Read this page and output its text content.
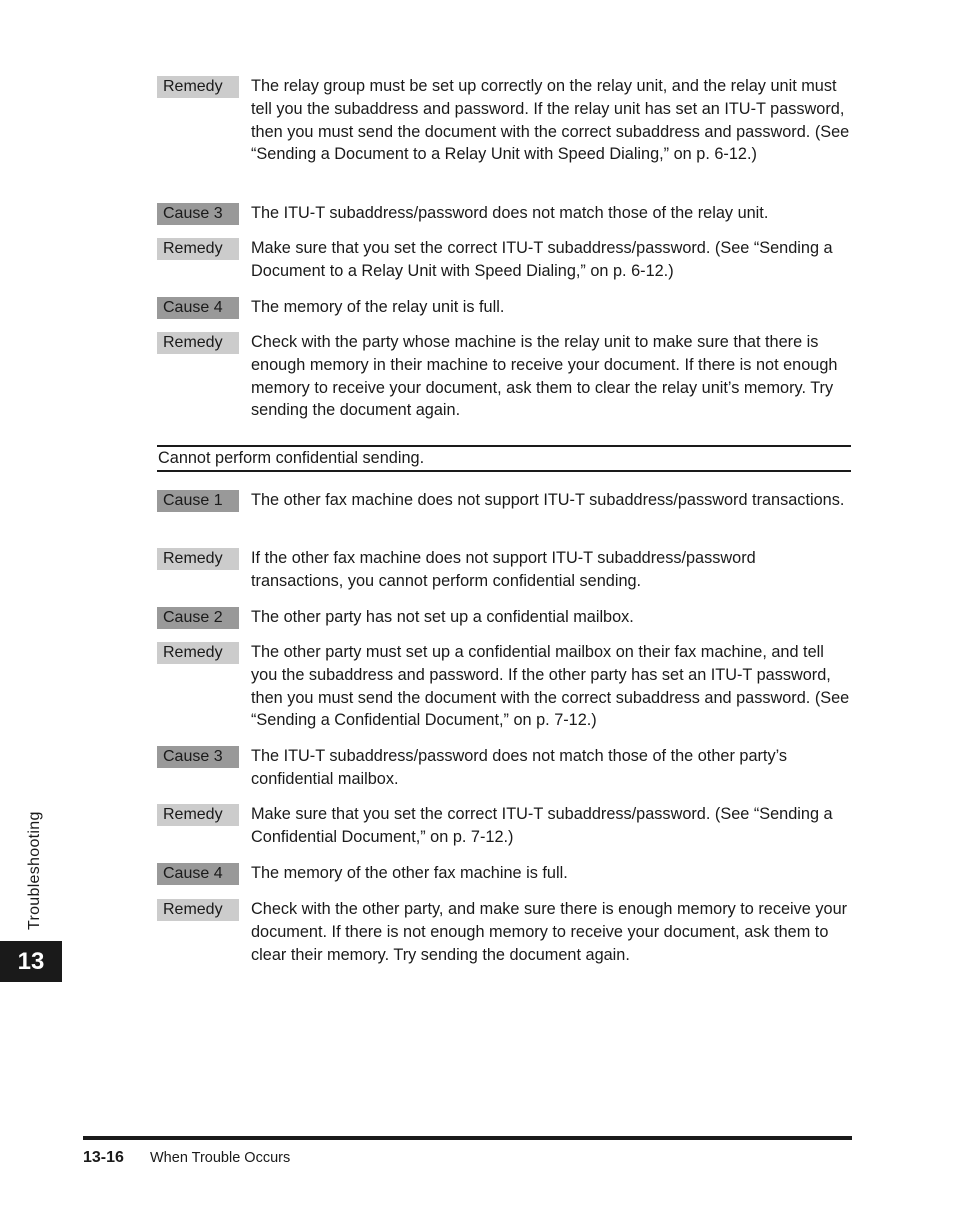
Remedy	The relay group must be set up correctly on the relay unit, and the relay unit must tell you the subaddress and password. If the relay unit has set an ITU-T password, then you must send the document with the correct subaddress and password. (See “Sending a Document to a Relay Unit with Speed Dialing,” on p. 6-12.)
Cause 3	The ITU-T subaddress/password does not match those of the relay unit.
Remedy	Make sure that you set the correct ITU-T subaddress/password. (See “Sending a Document to a Relay Unit with Speed Dialing,” on p. 6-12.)
Cause 4	The memory of the relay unit is full.
Remedy	Check with the party whose machine is the relay unit to make sure that there is enough memory in their machine to receive your document. If there is not enough memory to receive your document, ask them to clear the relay unit’s memory. Try sending the document again.
Cannot perform confidential sending.
Cause 1	The other fax machine does not support ITU-T subaddress/password transactions.
Remedy	If the other fax machine does not support ITU-T subaddress/password transactions, you cannot perform confidential sending.
Cause 2	The other party has not set up a confidential mailbox.
Remedy	The other party must set up a confidential mailbox on their fax machine, and tell you the subaddress and password. If the other party has set an ITU-T password, then you must send the document with the correct subaddress and password. (See “Sending a Confidential Document,” on p. 7-12.)
Cause 3	The ITU-T subaddress/password does not match those of the other party’s confidential mailbox.
Remedy	Make sure that you set the correct ITU-T subaddress/password. (See “Sending a Confidential Document,” on p. 7-12.)
Cause 4	The memory of the other fax machine is full.
Remedy	Check with the other party, and make sure there is enough memory to receive your document. If there is not enough memory to receive your document, ask them to clear their memory. Try sending the document again.
Troubleshooting
13
13-16 When Trouble Occurs
